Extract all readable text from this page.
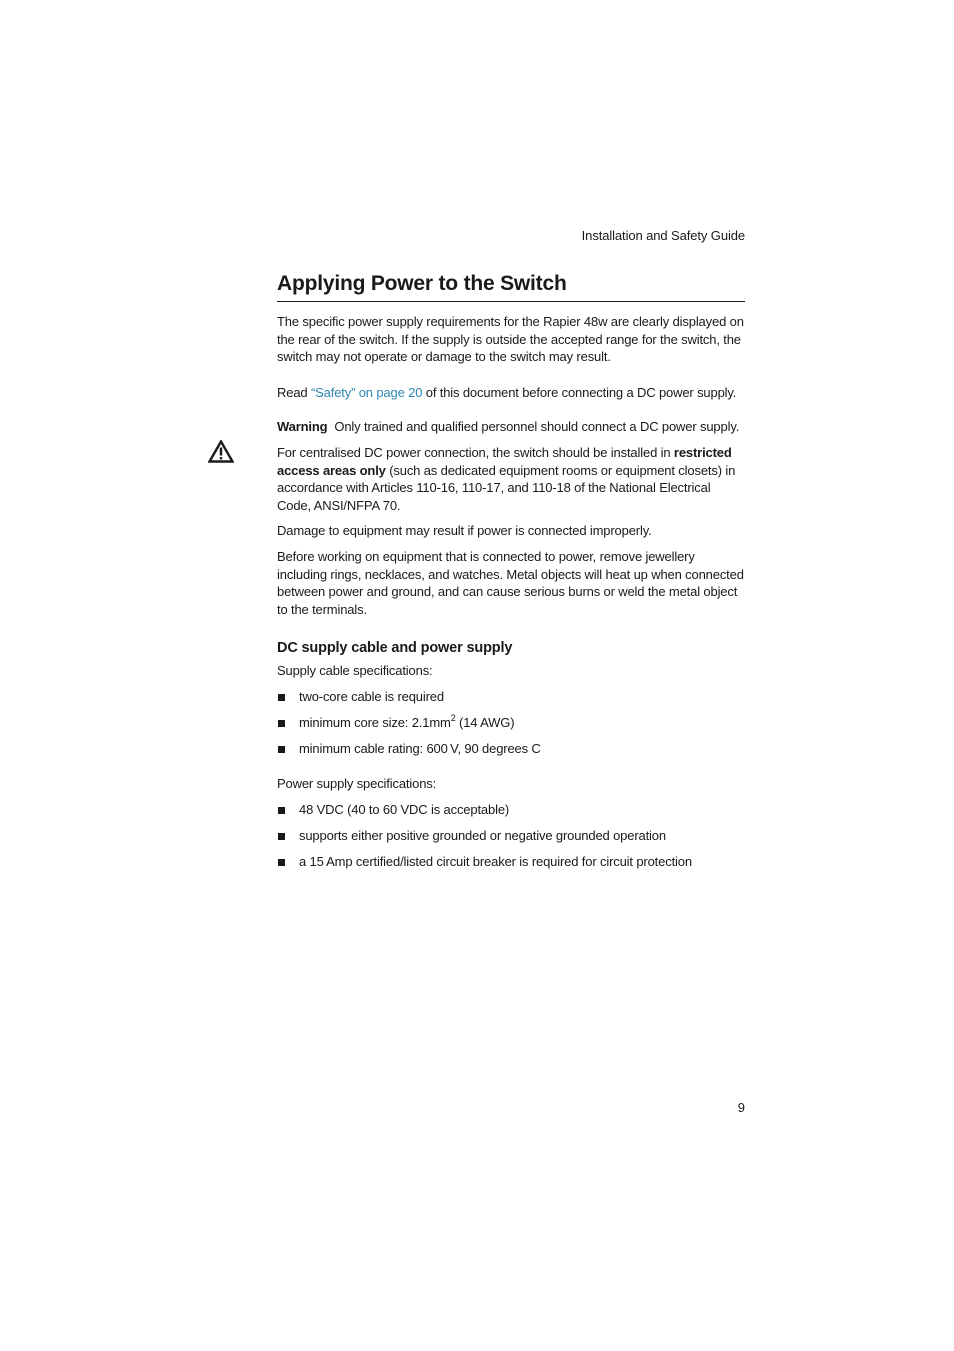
Installation and Safety Guide
Applying Power to the Switch

The specific power supply requirements for the Rapier 48w are clearly displayed on the rear of the switch. If the supply is outside the accepted range for the switch, the switch may not operate or damage to the switch may result.

Read “Safety” on page 20 of this document before connecting a DC power supply.

Warning  Only trained and qualified personnel should connect a DC power supply.

For centralised DC power connection, the switch should be installed in restricted access areas only (such as dedicated equipment rooms or equipment closets) in accordance with Articles 110-16, 110-17, and 110-18 of the National Electrical Code, ANSI/NFPA 70.

Damage to equipment may result if power is connected improperly.

Before working on equipment that is connected to power, remove jewellery including rings, necklaces, and watches. Metal objects will heat up when connected between power and ground, and can cause serious burns or weld the metal object to the terminals.

DC supply cable and power supply

Supply cable specifications:

two-core cable is required
minimum core size: $2.1mm^2$ (14 AWG)
minimum cable rating: 600 V, 90 degrees C

Power supply specifications:

48 VDC (40 to 60 VDC is acceptable)
supports either positive grounded or negative grounded operation
a 15 Amp certified/listed circuit breaker is required for circuit protection
9
